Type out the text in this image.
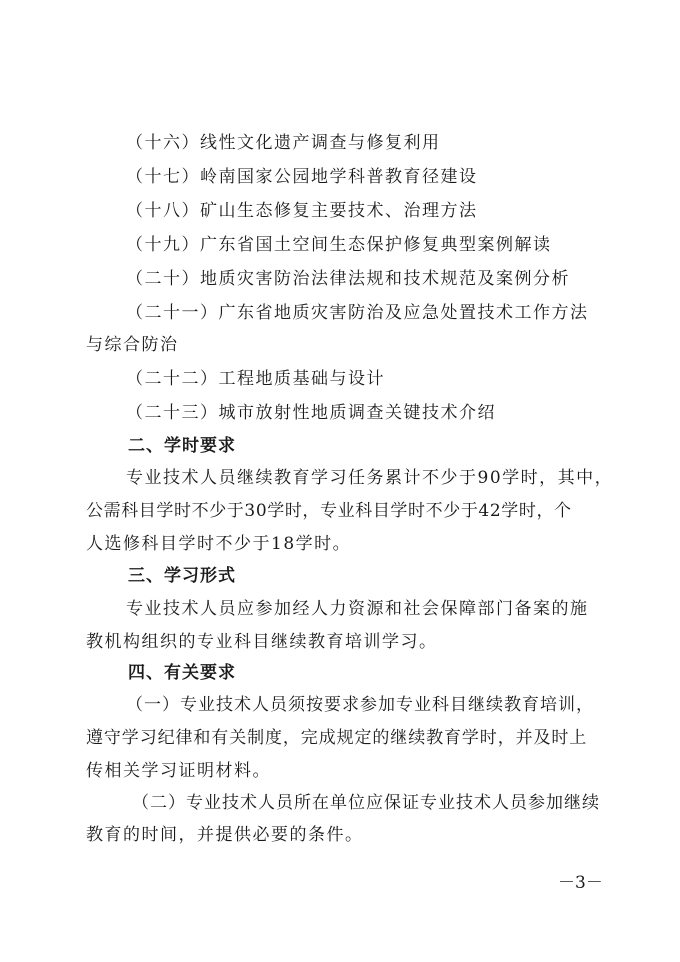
（十六）线性文化遗产调查与修复利用
（十七）岭南国家公园地学科普教育径建设
（十八）矿山生态修复主要技术、治理方法
（十九）广东省国土空间生态保护修复典型案例解读
（二十）地质灾害防治法律法规和技术规范及案例分析
（二十一）广东省地质灾害防治及应急处置技术工作方法
与综合防治
（二十二）工程地质基础与设计
（二十三）城市放射性地质调查关键技术介绍
二、学时要求
专业技术人员继续教育学习任务累计不少于90学时，其中，
公需科目学时不少于30学时，专业科目学时不少于42学时，个
人选修科目学时不少于18学时。
三、学习形式
专业技术人员应参加经人力资源和社会保障部门备案的施
教机构组织的专业科目继续教育培训学习。
四、有关要求
（一）专业技术人员须按要求参加专业科目继续教育培训，
遵守学习纪律和有关制度，完成规定的继续教育学时，并及时上
传相关学习证明材料。
（二）专业技术人员所在单位应保证专业技术人员参加继续
教育的时间，并提供必要的条件。
－3－
